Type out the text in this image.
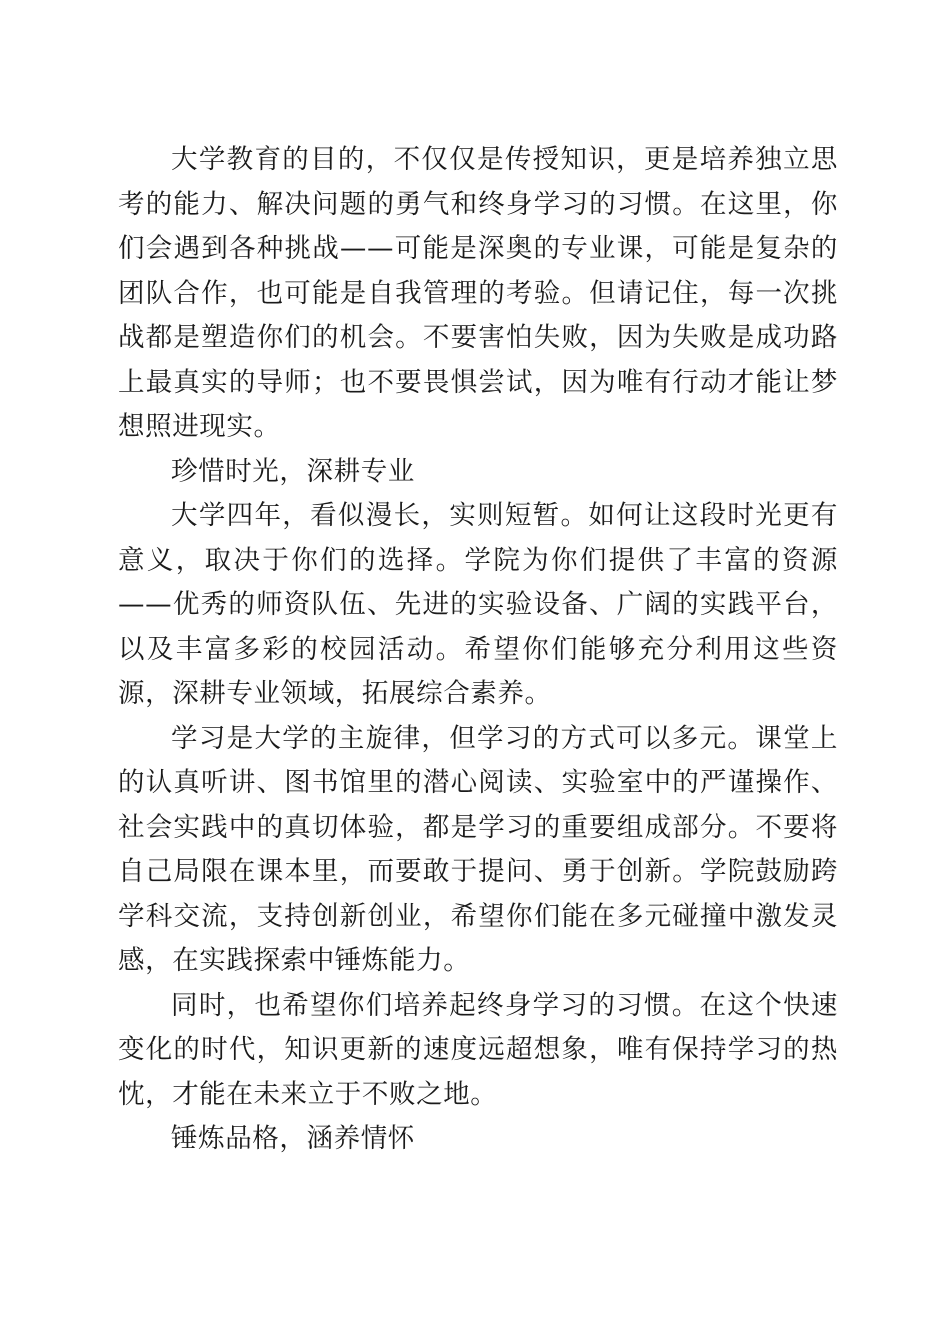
大学教育的目的，不仅仅是传授知识，更是培养独立思考的能力、解决问题的勇气和终身学习的习惯。在这里，你们会遇到各种挑战——可能是深奥的专业课，可能是复杂的团队合作，也可能是自我管理的考验。但请记住，每一次挑战都是塑造你们的机会。不要害怕失败，因为失败是成功路上最真实的导师；也不要畏惧尝试，因为唯有行动才能让梦想照进现实。

珍惜时光，深耕专业

大学四年，看似漫长，实则短暂。如何让这段时光更有意义，取决于你们的选择。学院为你们提供了丰富的资源——优秀的师资队伍、先进的实验设备、广阔的实践平台，以及丰富多彩的校园活动。希望你们能够充分利用这些资源，深耕专业领域，拓展综合素养。

学习是大学的主旋律，但学习的方式可以多元。课堂上的认真听讲、图书馆里的潜心阅读、实验室中的严谨操作、社会实践中的真切体验，都是学习的重要组成部分。不要将自己局限在课本里，而要敢于提问、勇于创新。学院鼓励跨学科交流，支持创新创业，希望你们能在多元碰撞中激发灵感，在实践探索中锤炼能力。

同时，也希望你们培养起终身学习的习惯。在这个快速变化的时代，知识更新的速度远超想象，唯有保持学习的热忱，才能在未来立于不败之地。

锤炼品格，涵养情怀
